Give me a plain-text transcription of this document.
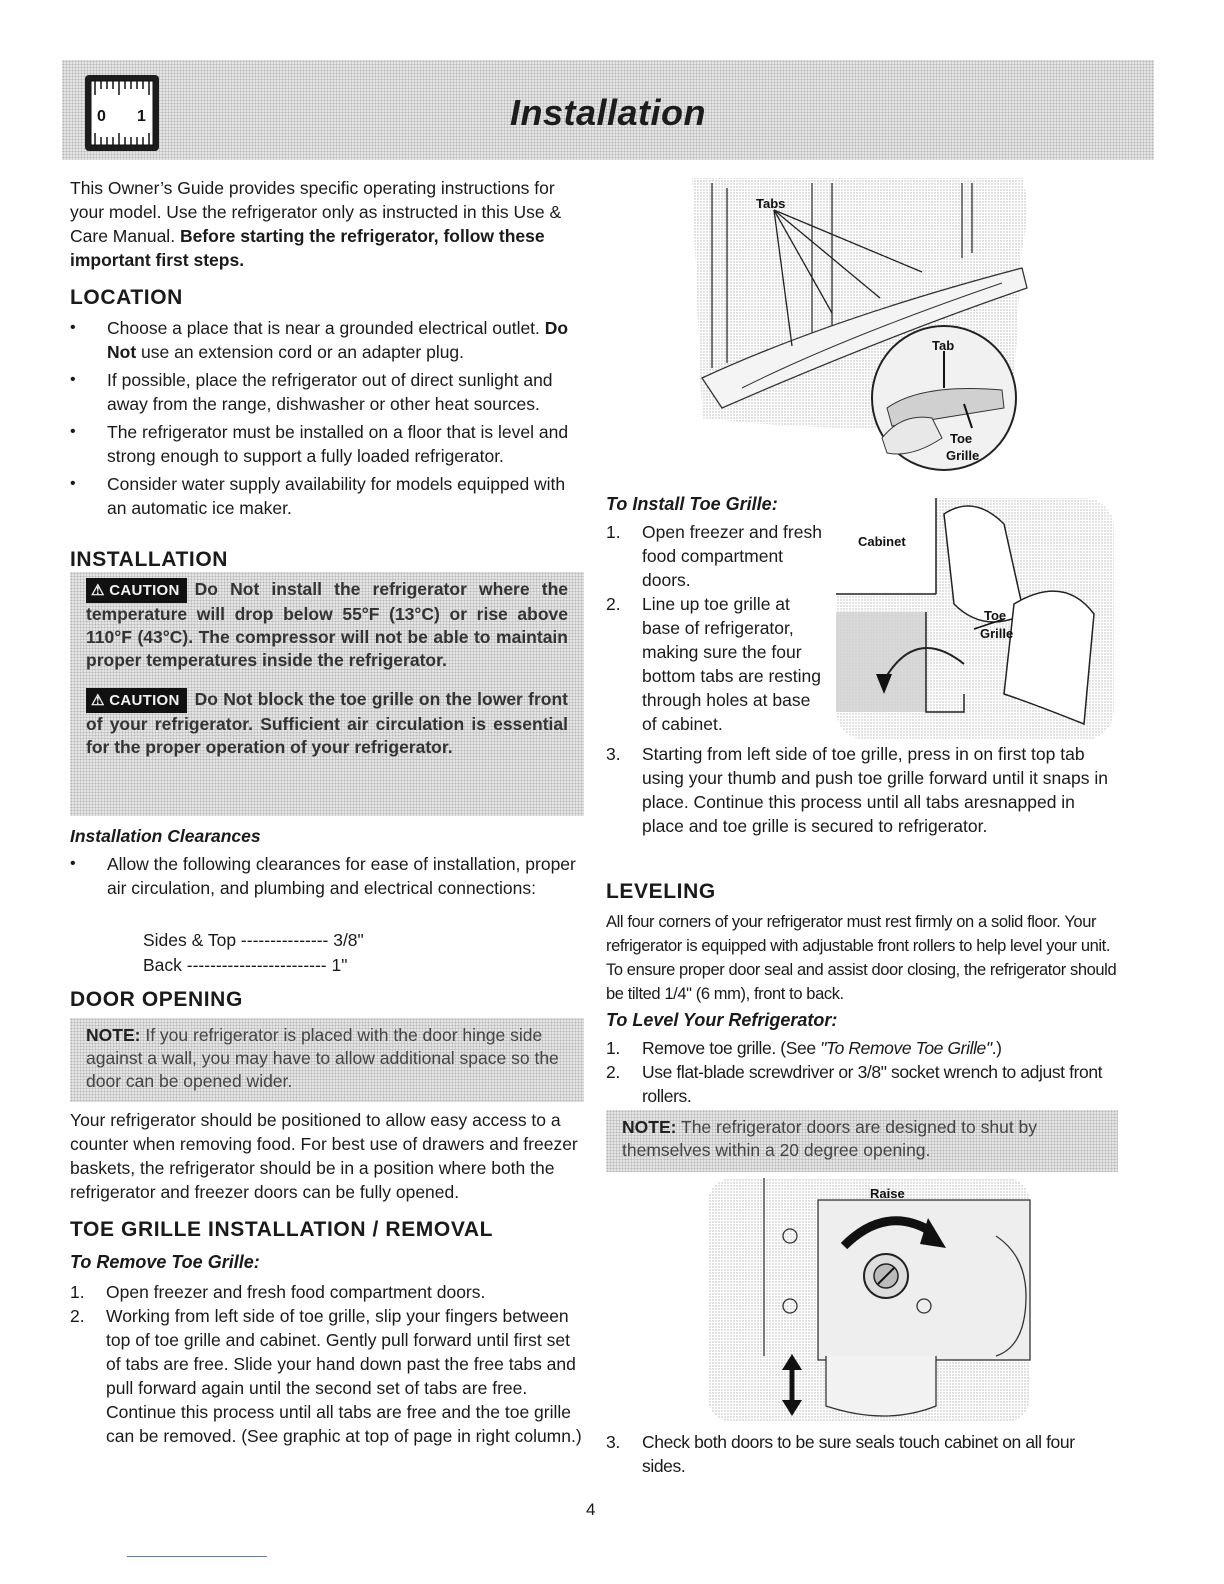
0 1	Installation
This Owner’s Guide provides specific operating instructions for your model. Use the refrigerator only as instructed in this Use & Care Manual. Before starting the refrigerator, follow these important first steps.
LOCATION
• Choose a place that is near a grounded electrical outlet. Do Not use an extension cord or an adapter plug.
• If possible, place the refrigerator out of direct sunlight and away from the range, dishwasher or other heat sources.
• The refrigerator must be installed on a floor that is level and strong enough to support a fully loaded refrigerator.
• Consider water supply availability for models equipped with an automatic ice maker.
INSTALLATION
⚠ CAUTION Do Not install the refrigerator where the temperature will drop below 55°F (13°C) or rise above 110°F (43°C). The compressor will not be able to maintain proper temperatures inside the refrigerator.
⚠ CAUTION Do Not block the toe grille on the lower front of your refrigerator. Sufficient air circulation is essential for the proper operation of your refrigerator.
Installation Clearances
• Allow the following clearances for ease of installation, proper air circulation, and plumbing and electrical connections:
Sides & Top --------------- 3/8"
Back ------------------------ 1"
DOOR OPENING
NOTE: If you refrigerator is placed with the door hinge side against a wall, you may have to allow additional space so the door can be opened wider.
Your refrigerator should be positioned to allow easy access to a counter when removing food. For best use of drawers and freezer baskets, the refrigerator should be in a position where both the refrigerator and freezer doors can be fully opened.
TOE GRILLE INSTALLATION / REMOVAL
To Remove Toe Grille:
1. Open freezer and fresh food compartment doors.
2. Working from left side of toe grille, slip your fingers between top of toe grille and cabinet. Gently pull forward until first set of tabs are free. Slide your hand down past the free tabs and pull forward again until the second set of tabs are free. Continue this process until all tabs are free and the toe grille can be removed. (See graphic at top of page in right column.)
Tabs
Tab
Toe
Grille
To Install Toe Grille:
1. Open freezer and fresh food compartment doors.
2. Line up toe grille at base of refrigerator, making sure the four bottom tabs are resting through holes at base of cabinet.
Cabinet
Toe
Grille
3. Starting from left side of toe grille, press in on first top tab using your thumb and push toe grille forward until it snaps in place. Continue this process until all tabs aresnapped in place and toe grille is secured to refrigerator.
LEVELING
All four corners of your refrigerator must rest firmly on a solid floor. Your refrigerator is equipped with adjustable front rollers to help level your unit. To ensure proper door seal and assist door closing, the refrigerator should be tilted 1/4" (6 mm), front to back.
To Level Your Refrigerator:
1. Remove toe grille. (See "To Remove Toe Grille".)
2. Use flat-blade screwdriver or 3/8" socket wrench to adjust front rollers.
NOTE: The refrigerator doors are designed to shut by themselves within a 20 degree opening.
Raise
3. Check both doors to be sure seals touch cabinet on all four sides.
4
